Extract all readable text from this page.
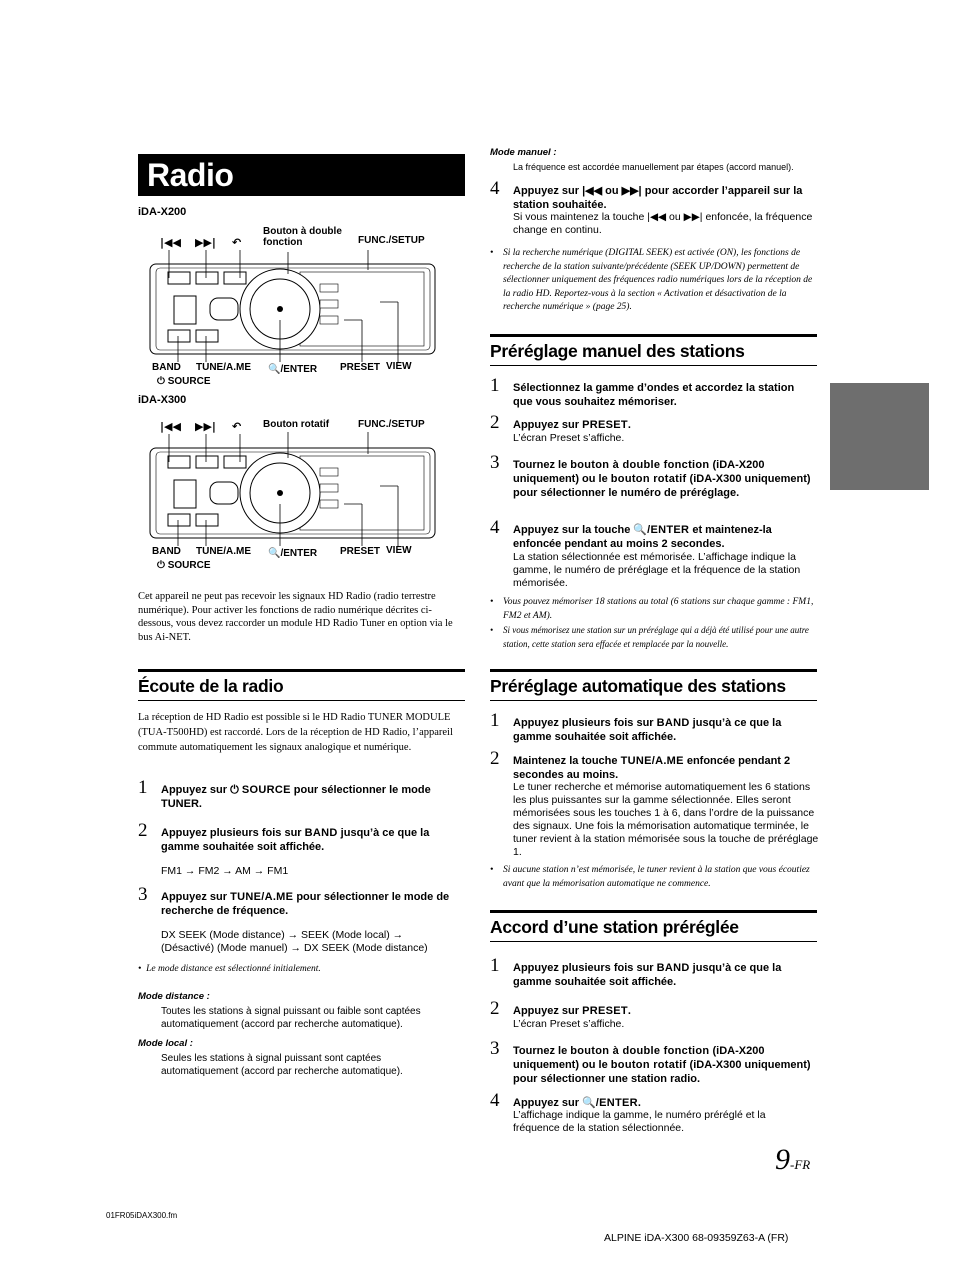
Radio
iDA-X200
|◀◀ ▶▶| ↶
Bouton à double fonction	FUNC./SETUP
BAND TUNE/A.ME
⏻ SOURCE
🔍/ENTER PRESET VIEW
iDA-X300
|◀◀ ▶▶| ↶ Bouton rotatif	FUNC./SETUP
BAND TUNE/A.ME
⏻ SOURCE
🔍/ENTER PRESET VIEW
Cet appareil ne peut pas recevoir les signaux HD Radio (radio terrestre numérique). Pour activer les fonctions de radio numérique décrites ci-dessous, vous devez raccorder un module HD Radio Tuner en option via le bus Ai-NET.
Écoute de la radio
La réception de HD Radio est possible si le HD Radio TUNER MODULE (TUA-T500HD) est raccordé. Lors de la réception de HD Radio, l’appareil commute automatiquement les signaux analogique et numérique.
1 Appuyez sur ⏻ SOURCE pour sélectionner le mode TUNER.
2 Appuyez plusieurs fois sur BAND jusqu’à ce que la gamme souhaitée soit affichée.
FM1 → FM2 → AM → FM1
3 Appuyez sur TUNE/A.ME pour sélectionner le mode de recherche de fréquence.
DX SEEK (Mode distance) → SEEK (Mode local) → (Désactivé) (Mode manuel) → DX SEEK (Mode distance)
•  Le mode distance est sélectionné initialement.
Mode distance :
Toutes les stations à signal puissant ou faible sont captées automatiquement (accord par recherche automatique).
Mode local :
Seules les stations à signal puissant sont captées automatiquement (accord par recherche automatique).
Mode manuel :
La fréquence est accordée manuellement par étapes (accord manuel).
4 Appuyez sur |◀◀ ou ▶▶| pour accorder l’appareil sur la station souhaitée.
Si vous maintenez la touche |◀◀ ou ▶▶| enfoncée, la fréquence change en continu.
• Si la recherche numérique (DIGITAL SEEK) est activée (ON), les fonctions de recherche de la station suivante/précédente (SEEK UP/DOWN) permettent de sélectionner uniquement des fréquences radio numériques lors de la réception de la radio HD. Reportez-vous à la section « Activation et désactivation de la recherche numérique » (page 25).
Préréglage manuel des stations
1 Sélectionnez la gamme d’ondes et accordez la station que vous souhaitez mémoriser.
2 Appuyez sur PRESET.
L’écran Preset s’affiche.
3 Tournez le bouton à double fonction (iDA-X200 uniquement) ou le bouton rotatif (iDA-X300 uniquement) pour sélectionner le numéro de préréglage.
4 Appuyez sur la touche 🔍/ENTER et maintenez-la enfoncée pendant au moins 2 secondes.
La station sélectionnée est mémorisée. L’affichage indique la gamme, le numéro de préréglage et la fréquence de la station mémorisée.
• Vous pouvez mémoriser 18 stations au total (6 stations sur chaque gamme : FM1, FM2 et AM).
• Si vous mémorisez une station sur un préréglage qui a déjà été utilisé pour une autre station, cette station sera effacée et remplacée par la nouvelle.
Préréglage automatique des stations
1 Appuyez plusieurs fois sur BAND jusqu’à ce que la gamme souhaitée soit affichée.
2 Maintenez la touche TUNE/A.ME enfoncée pendant 2 secondes au moins.
Le tuner recherche et mémorise automatiquement les 6 stations les plus puissantes sur la gamme sélectionnée. Elles seront mémorisées sous les touches 1 à 6, dans l’ordre de la puissance des signaux. Une fois la mémorisation automatique terminée, le tuner revient à la station mémorisée sous la touche de préréglage 1.
• Si aucune station n’est mémorisée, le tuner revient à la station que vous écoutiez avant que la mémorisation automatique ne commence.
Accord d’une station préréglée
1 Appuyez plusieurs fois sur BAND jusqu’à ce que la gamme souhaitée soit affichée.
2 Appuyez sur PRESET.
L’écran Preset s’affiche.
3 Tournez le bouton à double fonction (iDA-X200 uniquement) ou le bouton rotatif (iDA-X300 uniquement) pour sélectionner une station radio.
4 Appuyez sur 🔍/ENTER.
L’affichage indique la gamme, le numéro préréglé et la fréquence de la station sélectionnée.
9-FR
01FR05iDAX300.fm
ALPINE iDA-X300 68-09359Z63-A (FR)
